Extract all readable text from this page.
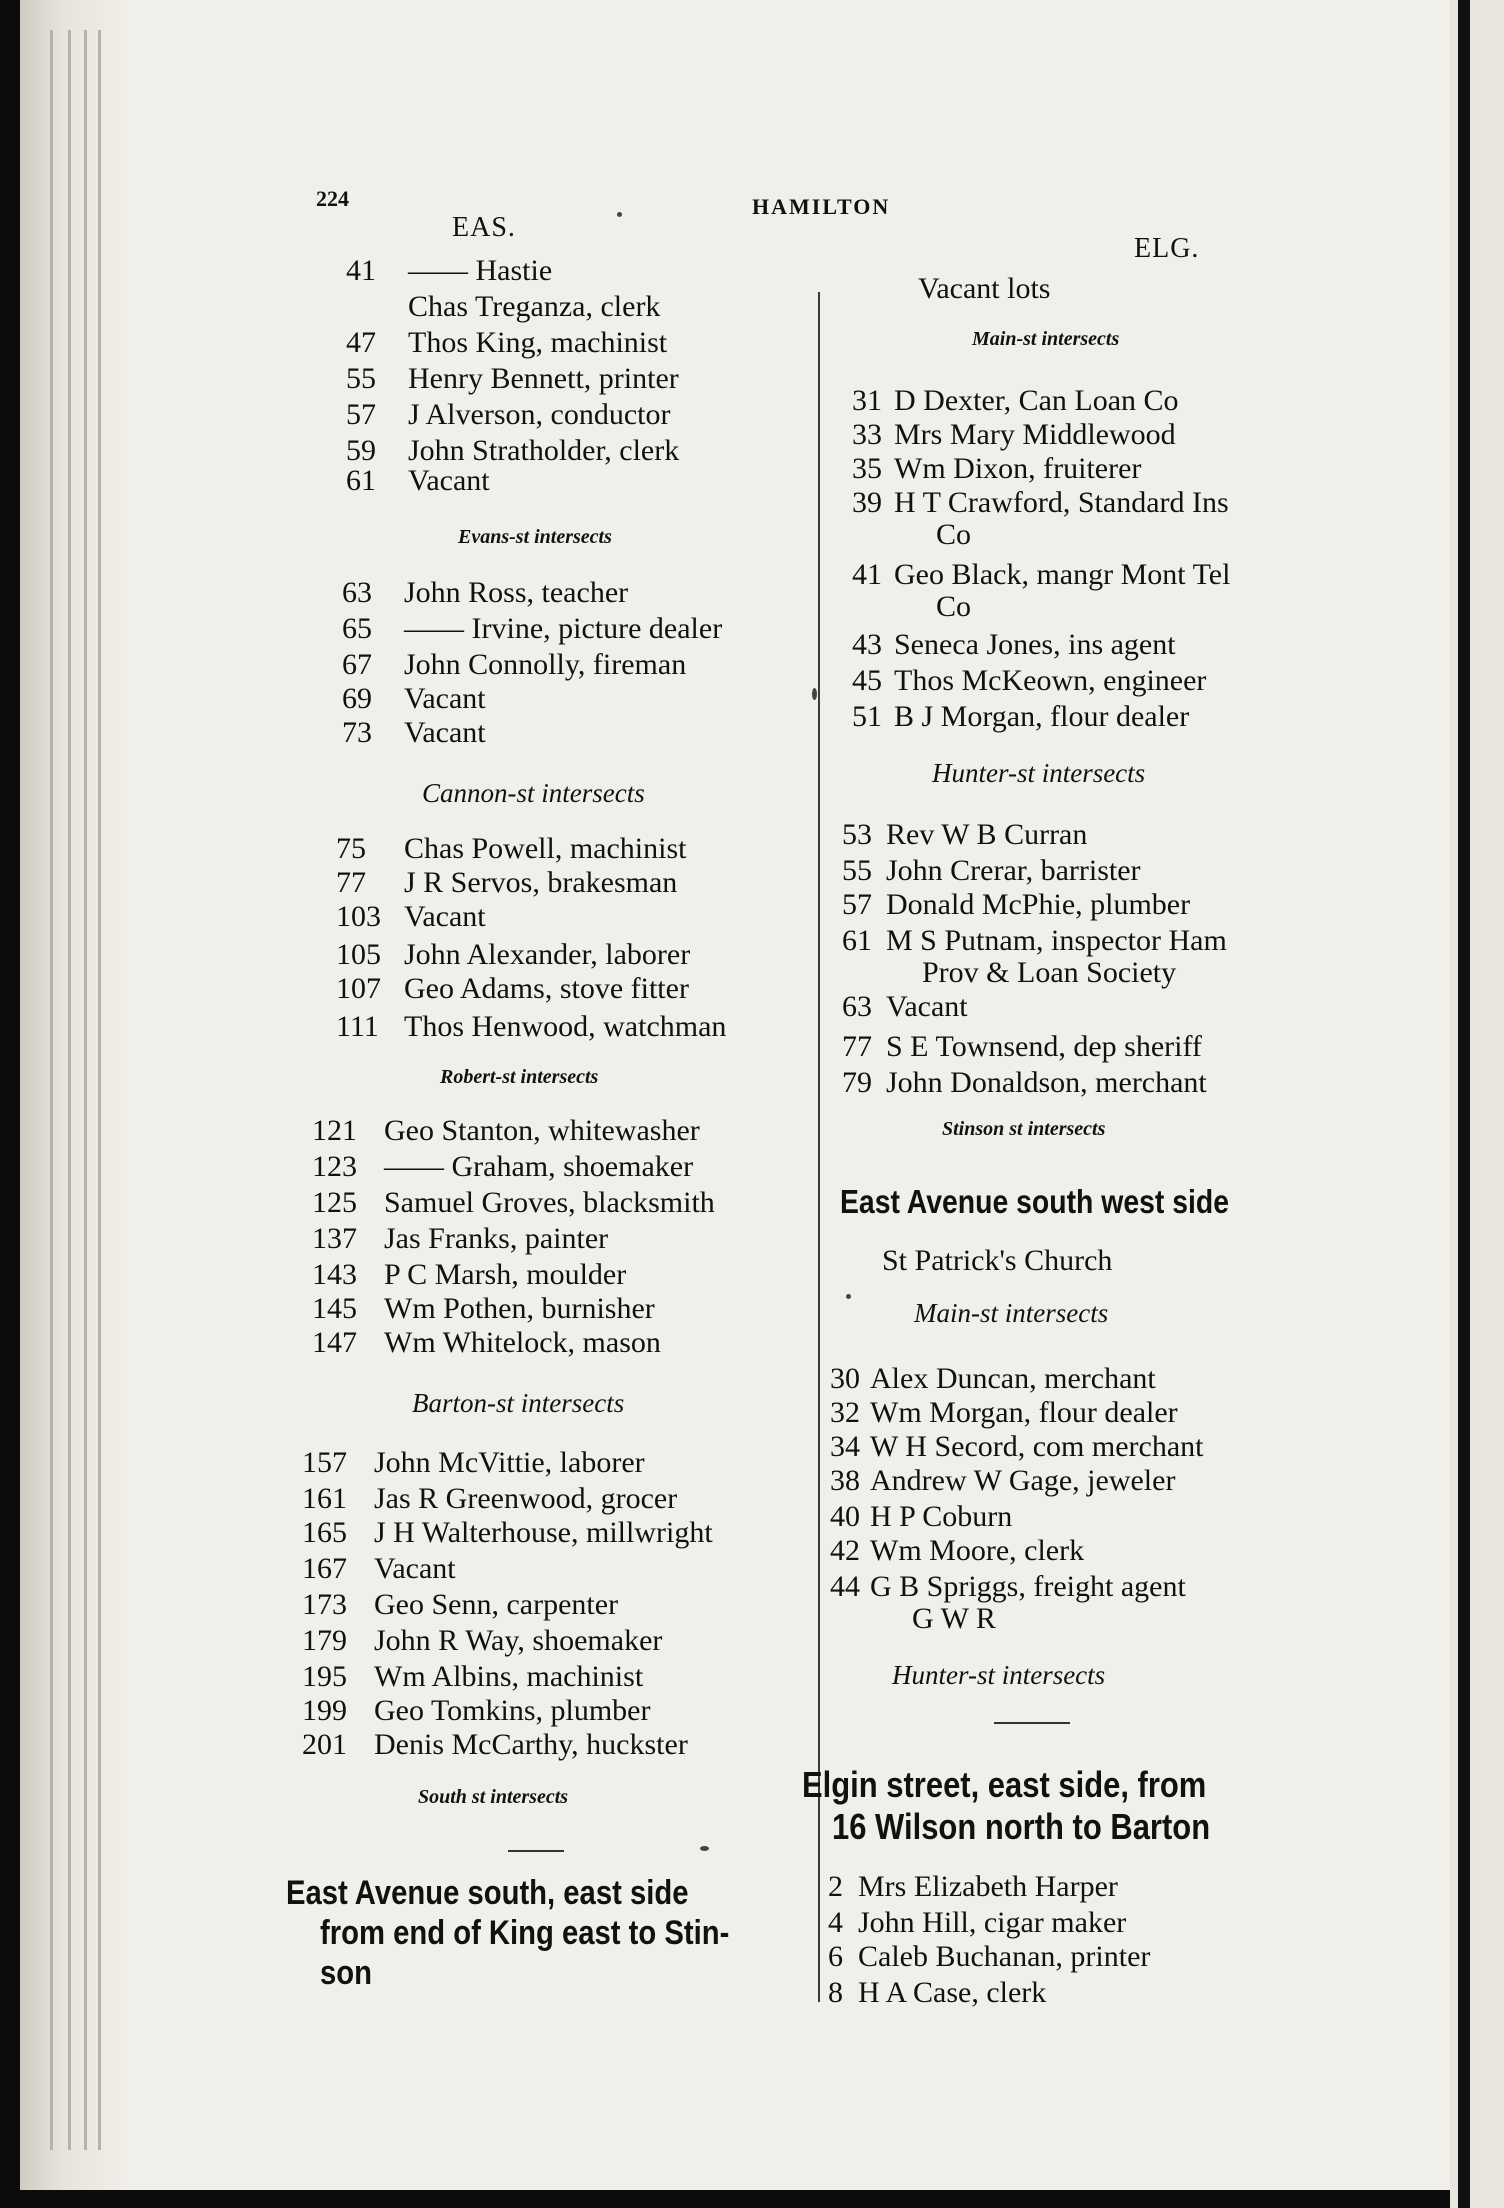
224	HAMILTON
EAS.
ELG.
41 —— Hastie
Chas Treganza, clerk
47 Thos King, machinist
55 Henry Bennett, printer
57 J Alverson, conductor
59 John Stratholder, clerk
61 Vacant
63 John Ross, teacher
65 —— Irvine, picture dealer
67 John Connolly, fireman
69 Vacant
73 Vacant
75 Chas Powell, machinist
77 J R Servos, brakesman
103 Vacant
105 John Alexander, laborer
107 Geo Adams, stove fitter
111 Thos Henwood, watchman
121 Geo Stanton, whitewasher
123 —— Graham, shoemaker
125 Samuel Groves, blacksmith
137 Jas Franks, painter
143 P C Marsh, moulder
145 Wm Pothen, burnisher
147 Wm Whitelock, mason
157 John McVittie, laborer
161 Jas R Greenwood, grocer
165 J H Walterhouse, millwright
167 Vacant
173 Geo Senn, carpenter
179 John R Way, shoemaker
195 Wm Albins, machinist
199 Geo Tomkins, plumber
201 Denis McCarthy, huckster
Evans-st intersects
Cannon-st intersects
Robert-st intersects
Barton-st intersects
South st intersects
Vacant lots
Main-st intersects
31 D Dexter, Can Loan Co
33 Mrs Mary Middlewood
35 Wm Dixon, fruiterer
39 H T Crawford, Standard Ins
Co
41 Geo Black, mangr Mont Tel
Co
43 Seneca Jones, ins agent
45 Thos McKeown, engineer
51 B J Morgan, flour dealer
Hunter-st intersects
53 Rev W B Curran
55 John Crerar, barrister
57 Donald McPhie, plumber
61 M S Putnam, inspector Ham
Prov & Loan Society
63 Vacant
77 S E Townsend, dep sheriff
79 John Donaldson, merchant
Stinson st intersects
Main-st intersects
30 Alex Duncan, merchant
32 Wm Morgan, flour dealer
34 W H Secord, com merchant
38 Andrew W Gage, jeweler
40 H P Coburn
42 Wm Moore, clerk
44 G B Spriggs, freight agent
G W R
Hunter-st intersects
2 Mrs Elizabeth Harper
4 John Hill, cigar maker
6 Caleb Buchanan, printer
8 H A Case, clerk
East Avenue south, east side
from end of King east to Stin-
son
East Avenue south west side
St Patrick's Church
Elgin street, east side, from
16 Wilson north to Barton
